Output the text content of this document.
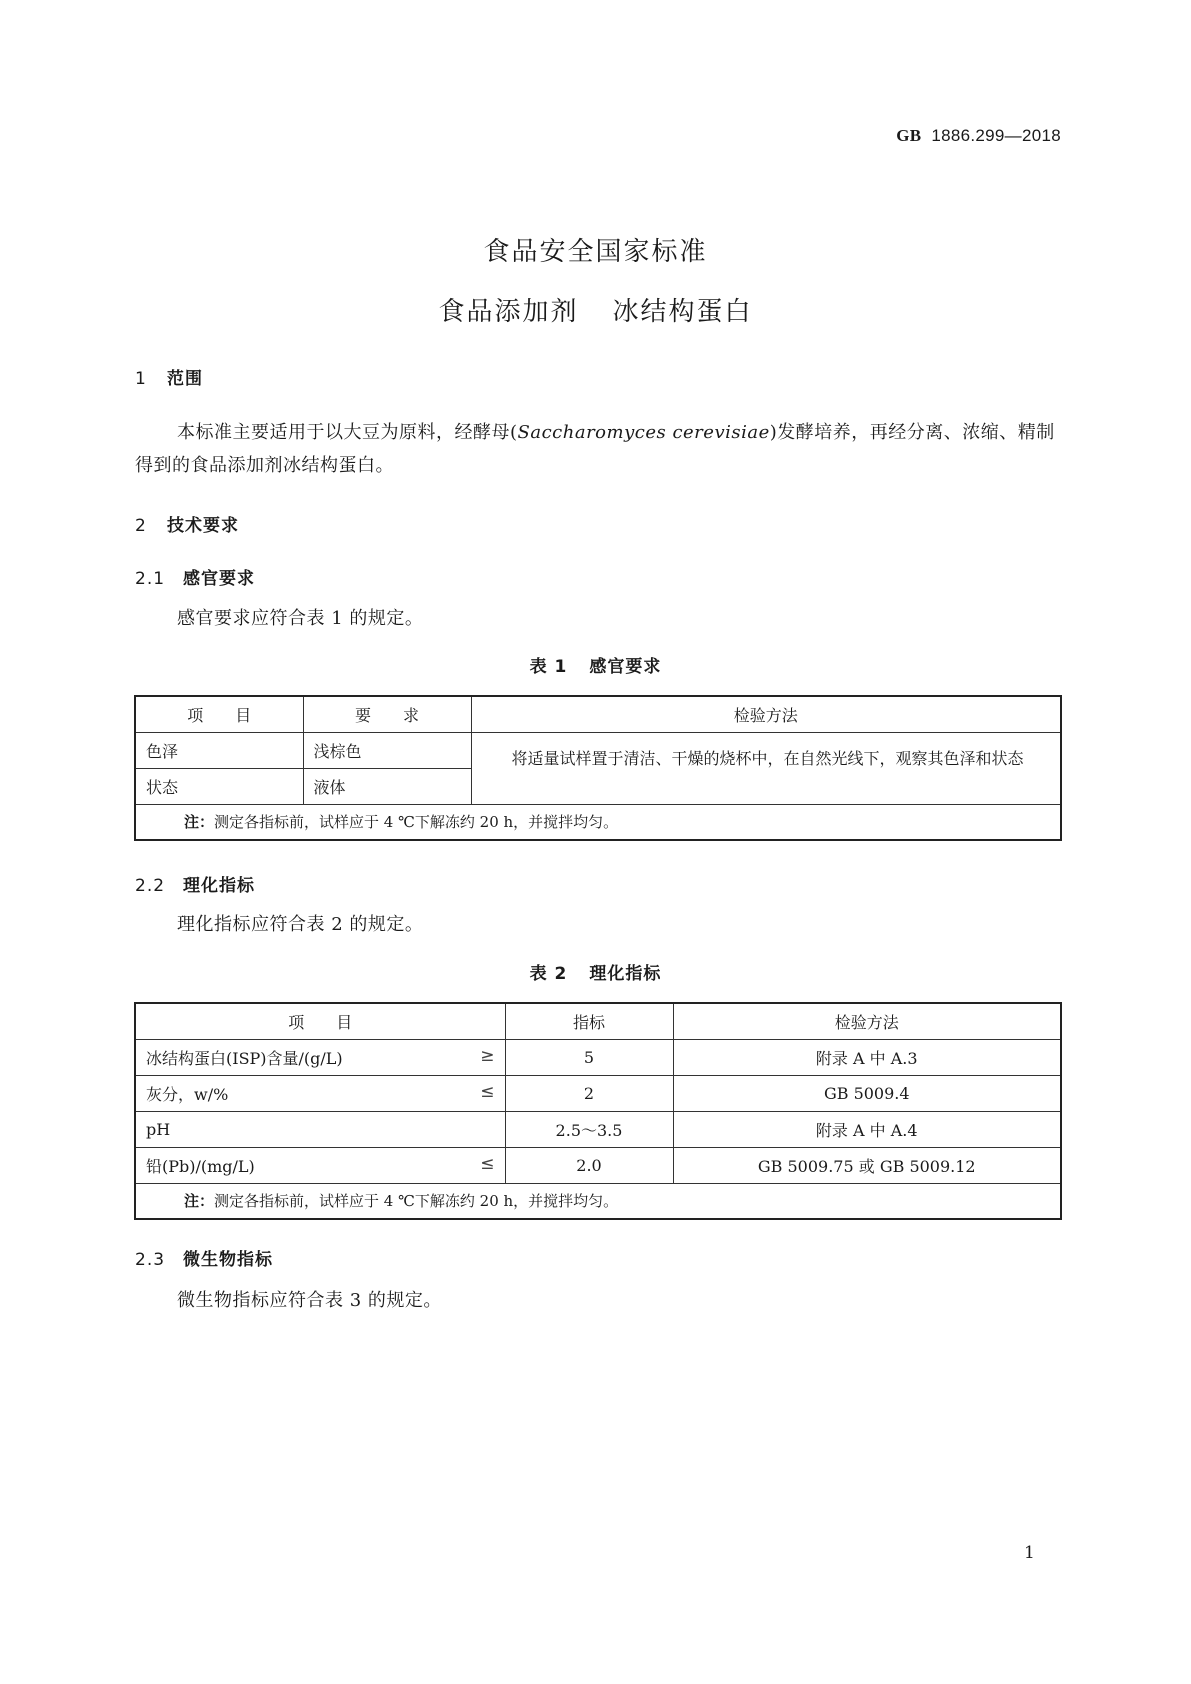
GB 1886.299—2018
食品安全国家标准
食品添加剂 冰结构蛋白
1 范围
本标准主要适用于以大豆为原料，经酵母(Saccharomyces cerevisiae)发酵培养，再经分离、浓缩、精制得到的食品添加剂冰结构蛋白。
2 技术要求
2.1 感官要求
感官要求应符合表 1 的规定。
表 1 感官要求
项　　目	要　　求	检验方法
色泽	浅棕色	将适量试样置于清洁、干燥的烧杯中，在自然光线下，观察其色泽和状态
状态	液体	
注：测定各指标前，试样应于 4 ℃下解冻约 20 h，并搅拌均匀。		
2.2 理化指标
理化指标应符合表 2 的规定。
表 2 理化指标
项　　目	指标	检验方法
冰结构蛋白(ISP)含量/(g/L) ≥	5	附录 A 中 A.3
灰分，w/% ≤	2	GB 5009.4
pH	2.5～3.5	附录 A 中 A.4
铅(Pb)/(mg/L) ≤	2.0	GB 5009.75 或 GB 5009.12
注：测定各指标前，试样应于 4 ℃下解冻约 20 h，并搅拌均匀。		
2.3 微生物指标
微生物指标应符合表 3 的规定。
1
